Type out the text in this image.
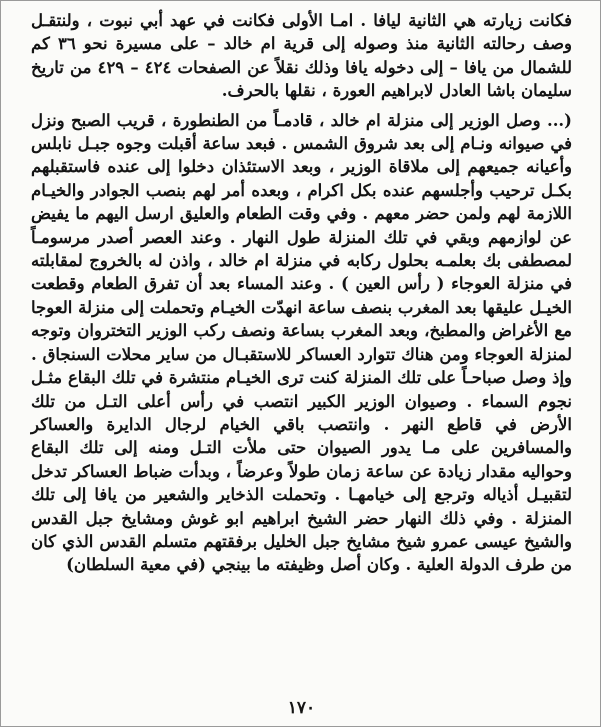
فكانت زيارته هي الثانية ليافا . امـا الأولى فكانت في عهد أبي نبوت ، ولنتقـل وصف رحالته الثانية منذ وصوله إلى قرية ام خالد – على مسيرة نحو ٣٦ كم للشمال من يافا – إلى دخوله يافا وذلك نقلاً عن الصفحات ٤٢٤ – ٤٢٩ من تاريخ سليمان باشا العادل لابراهيم العورة ، نقلها بالحرف.

(... وصل الوزير إلى منزلة ام خالد ، قادمـاً من الطنطورة ، قريب الصبح ونزل في صيوانه ونـام إلى بعد شروق الشمس . فبعد ساعة أقبلت وجوه جبـل نابلس وأعيانه جميعهم إلى ملاقاة الوزير ، وبعد الاستئذان دخلوا إلى عنده فاستقبلهم بكـل ترحيب وأجلسهم عنده بكل اكرام ، وبعده أمر لهم بنصب الجوادر والخيـام اللازمة لهم ولمن حضر معهم . وفي وقت الطعام والعليق ارسل اليهم ما يفيض عن لوازمهم وبقي في تلك المنزلة طول النهار . وعند العصر أصدر مرسومـاً لمصطفى بك بعلمـه بحلول ركابه في منزلة ام خالد ، واذن له بالخروج لمقابلته في منزلة العوجاء ( رأس العين ) . وعند المساء بعد أن تفرق الطعام وقطعت الخيـل عليقها بعد المغرب بنصف ساعة انهدّت الخيـام وتحملت إلى منزلة العوجا مع الأغراض والمطبخ، وبعد المغرب بساعة ونصف ركب الوزير التختروان وتوجه لمنزلة العوجاء ومن هناك تتوارد العساكر للاستقبـال من ساير محلات السنجاق . وإذ وصل صباحـاً على تلك المنزلة كنت ترى الخيـام منتشرة في تلك البقاع مثـل نجوم السماء . وصيوان الوزير الكبير انتصب في رأس أعلى التـل من تلك الأرض في قاطع النهر . وانتصب باقي الخيام لرجال الدايرة والعساكر والمسافرين على مـا يدور الصيوان حتى ملأت التـل ومنه إلى تلك البقاع وحواليه مقدار زيادة عن ساعة زمان طولاً وعرضاً ، وبدأت ضباط العساكر تدخل لتقبيـل أذياله وترجع إلى خيامهـا . وتحملت الذخاير والشعير من يافا إلى تلك المنزلة . وفي ذلك النهار حضر الشيخ ابراهيم ابو غوش ومشايخ جبل القدس والشيخ عيسى عمرو شيخ مشايخ جبل الخليل برفقتهم متسلم القدس الذي كان من طرف الدولة العلية . وكان أصل وظيفته ما بينجي (في معية السلطان)

١٧٠
